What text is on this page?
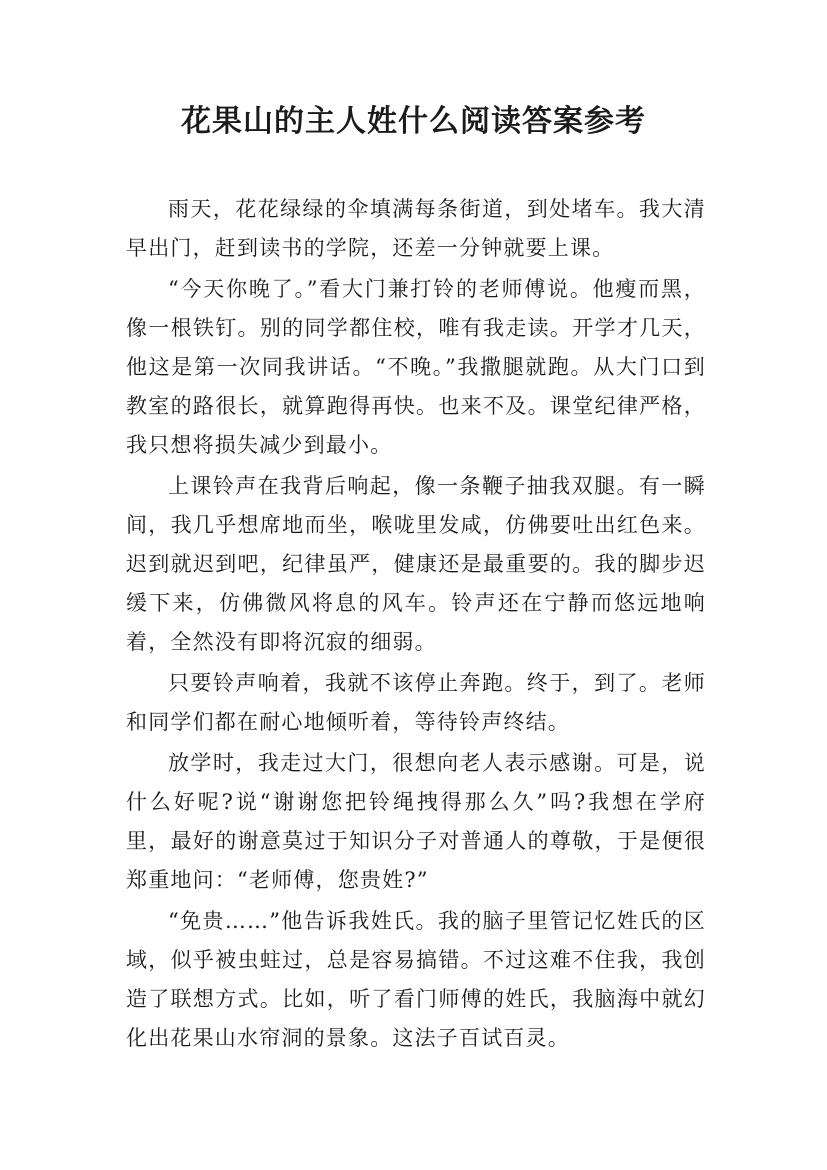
花果山的主人姓什么阅读答案参考

雨天，花花绿绿的伞填满每条街道，到处堵车。我大清早出门，赶到读书的学院，还差一分钟就要上课。

“今天你晚了。”看大门兼打铃的老师傅说。他瘦而黑，像一根铁钉。别的同学都住校，唯有我走读。开学才几天，他这是第一次同我讲话。“不晚。”我撒腿就跑。从大门口到教室的路很长，就算跑得再快。也来不及。课堂纪律严格，我只想将损失减少到最小。

上课铃声在我背后响起，像一条鞭子抽我双腿。有一瞬间，我几乎想席地而坐，喉咙里发咸，仿佛要吐出红色来。迟到就迟到吧，纪律虽严，健康还是最重要的。我的脚步迟缓下来，仿佛微风将息的风车。铃声还在宁静而悠远地响着，全然没有即将沉寂的细弱。

只要铃声响着，我就不该停止奔跑。终于，到了。老师和同学们都在耐心地倾听着，等待铃声终结。

放学时，我走过大门，很想向老人表示感谢。可是，说什么好呢?说“谢谢您把铃绳拽得那么久”吗?我想在学府里，最好的谢意莫过于知识分子对普通人的尊敬，于是便很郑重地问：“老师傅，您贵姓?”

“免贵……”他告诉我姓氏。我的脑子里管记忆姓氏的区域，似乎被虫蛀过，总是容易搞错。不过这难不住我，我创造了联想方式。比如，听了看门师傅的姓氏，我脑海中就幻化出花果山水帘洞的景象。这法子百试百灵。
